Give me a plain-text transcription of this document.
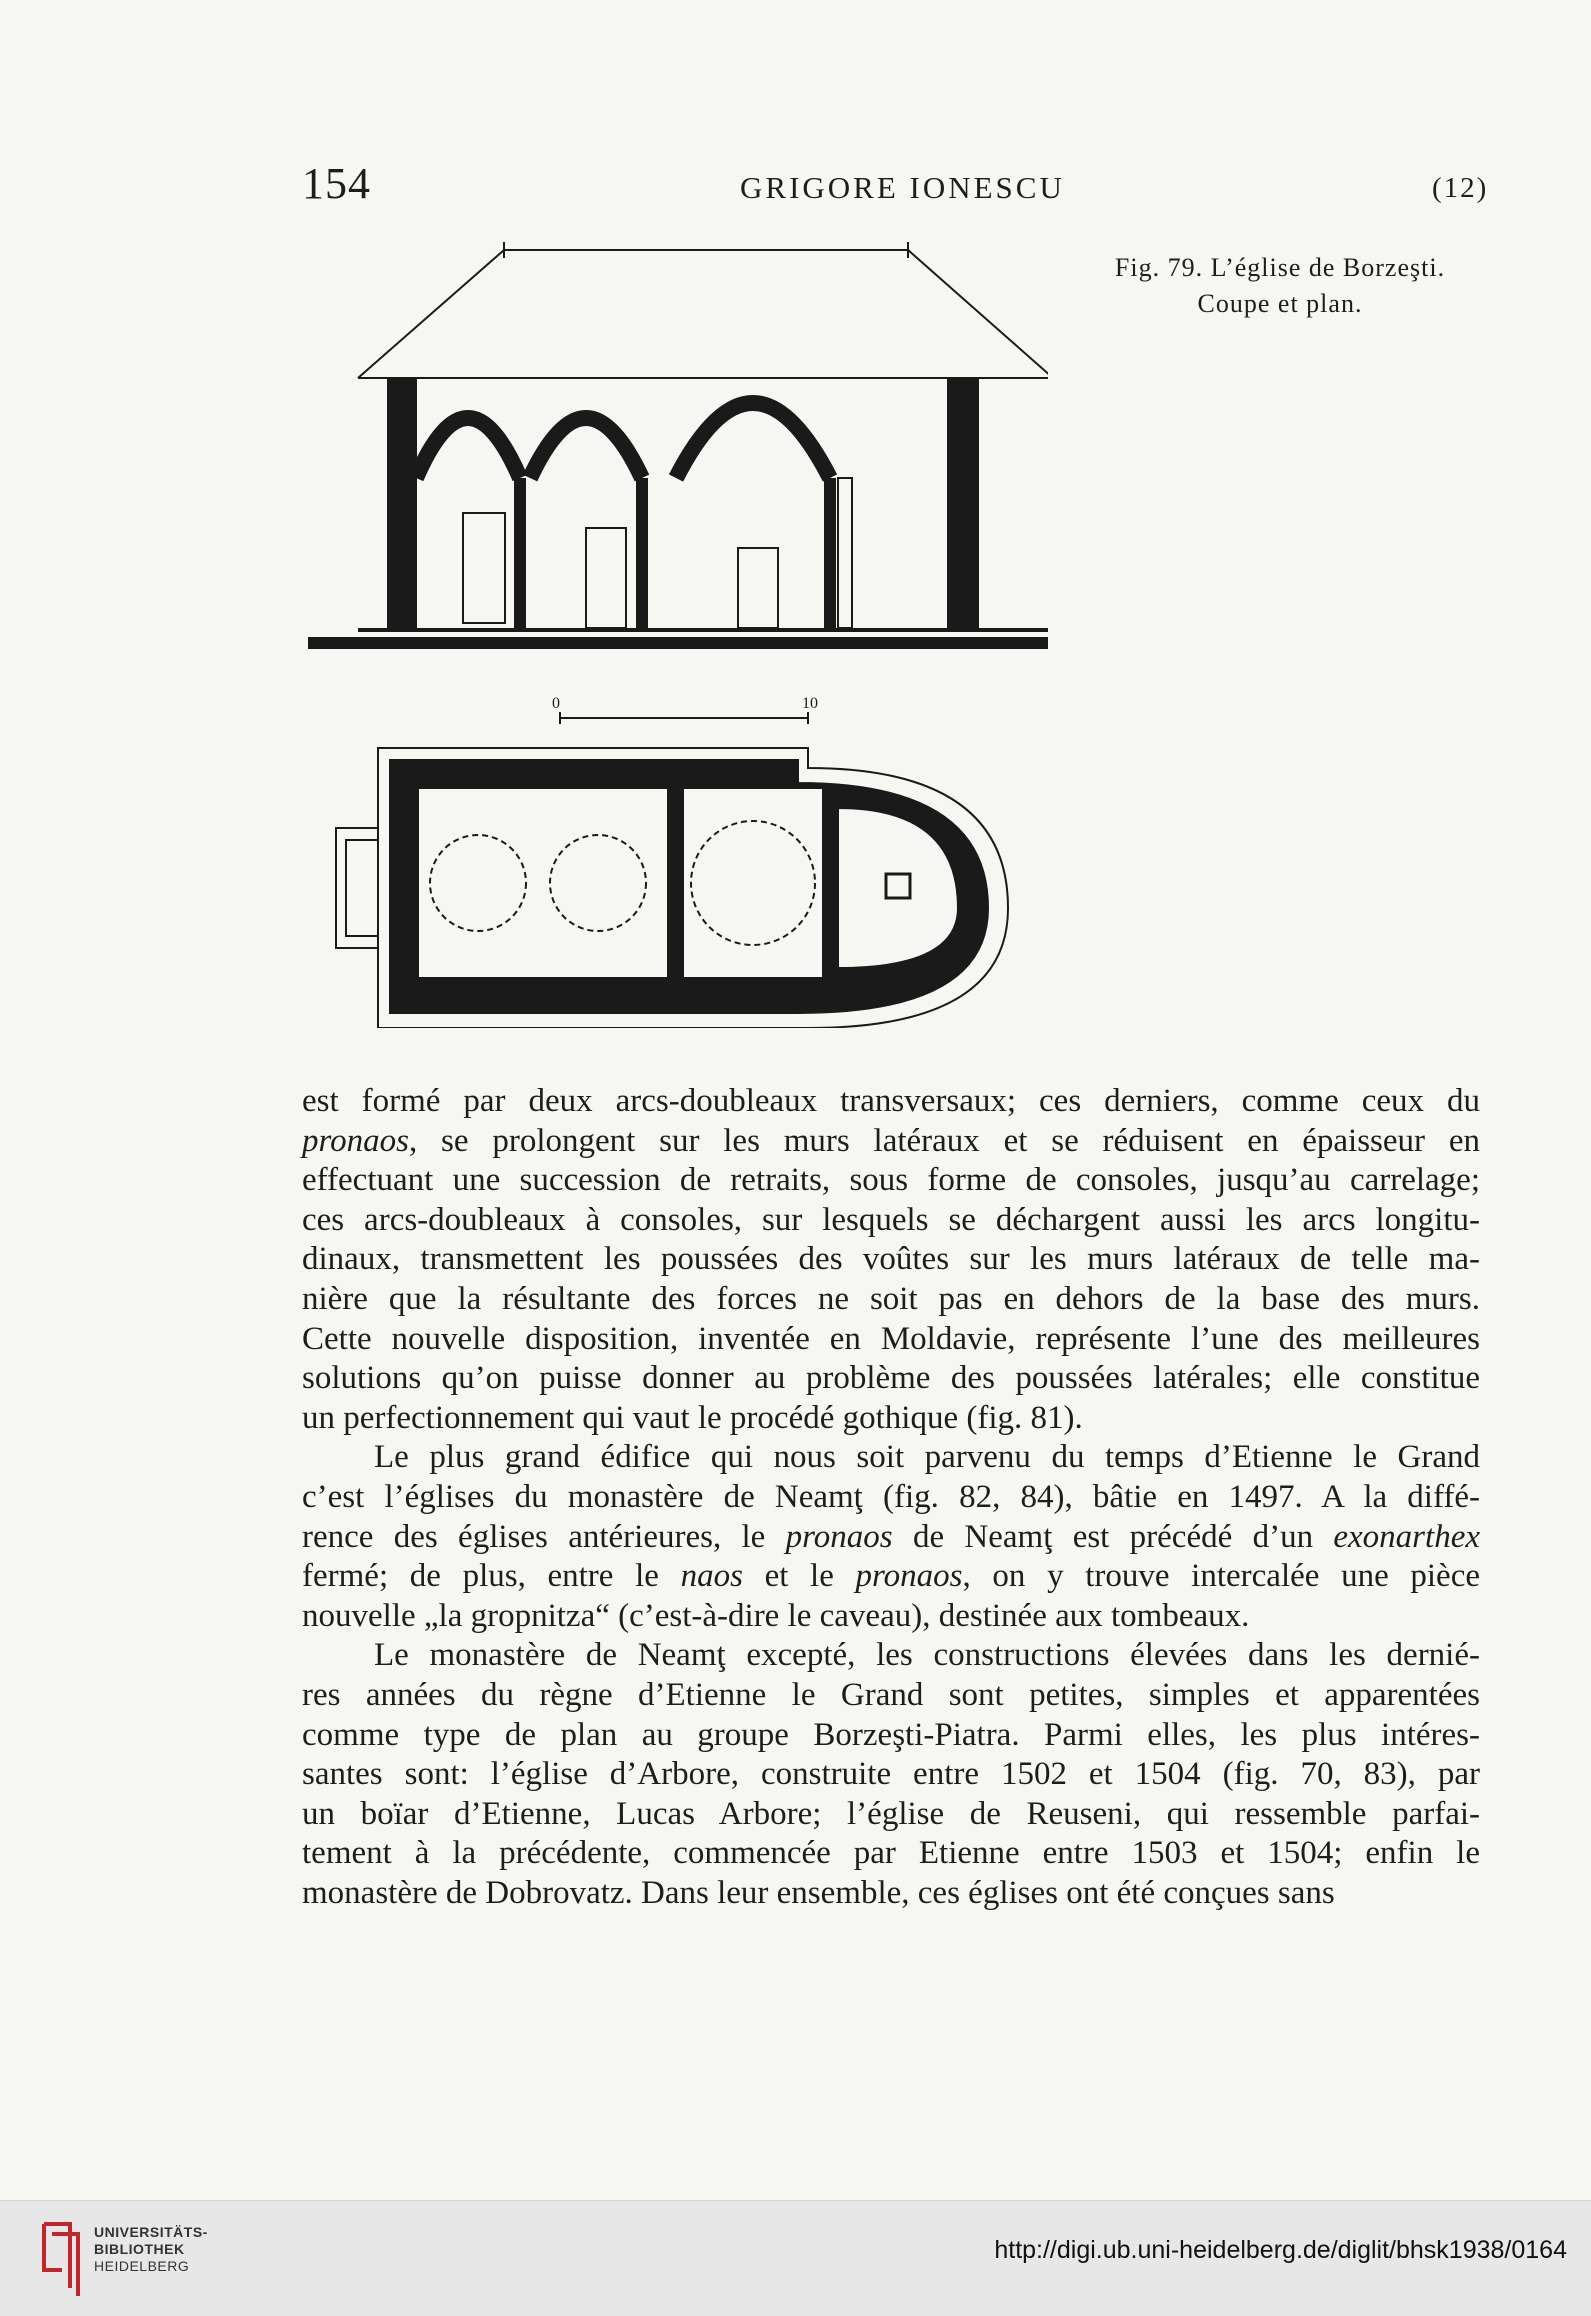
154	GRIGORE IONESCU	(12)
0	10
Fig. 79. L’église de Borzeşti.
Coupe et plan.
est formé par deux arcs-doubleaux transversaux; ces derniers, comme ceux du
pronaos, se prolongent sur les murs latéraux et se réduisent en épaisseur en
effectuant une succession de retraits, sous forme de consoles, jusqu’au carrelage;
ces arcs-doubleaux à consoles, sur lesquels se déchargent aussi les arcs longitu-
dinaux, transmettent les poussées des voûtes sur les murs latéraux de telle ma-
nière que la résultante des forces ne soit pas en dehors de la base des murs.
Cette nouvelle disposition, inventée en Moldavie, représente l’une des meilleures
solutions qu’on puisse donner au problème des poussées latérales; elle constitue
un perfectionnement qui vaut le procédé gothique (fig. 81).
Le plus grand édifice qui nous soit parvenu du temps d’Etienne le Grand
c’est l’églises du monastère de Neamţ (fig. 82, 84), bâtie en 1497. A la diffé-
rence des églises antérieures, le pronaos de Neamţ est précédé d’un exonarthex
fermé; de plus, entre le naos et le pronaos, on y trouve intercalée une pièce
nouvelle „la gropnitza“ (c’est-à-dire le caveau), destinée aux tombeaux.
Le monastère de Neamţ excepté, les constructions élevées dans les dernié-
res années du règne d’Etienne le Grand sont petites, simples et apparentées
comme type de plan au groupe Borzeşti-Piatra. Parmi elles, les plus intéres-
santes sont: l’église d’Arbore, construite entre 1502 et 1504 (fig. 70, 83), par
un boïar d’Etienne, Lucas Arbore; l’église de Reuseni, qui ressemble parfai-
tement à la précédente, commencée par Etienne entre 1503 et 1504; enfin le
monastère de Dobrovatz. Dans leur ensemble, ces églises ont été conçues sans
UNIVERSITÄTS-
BIBLIOTHEK
HEIDELBERG
http://digi.ub.uni-heidelberg.de/diglit/bhsk1938/0164
